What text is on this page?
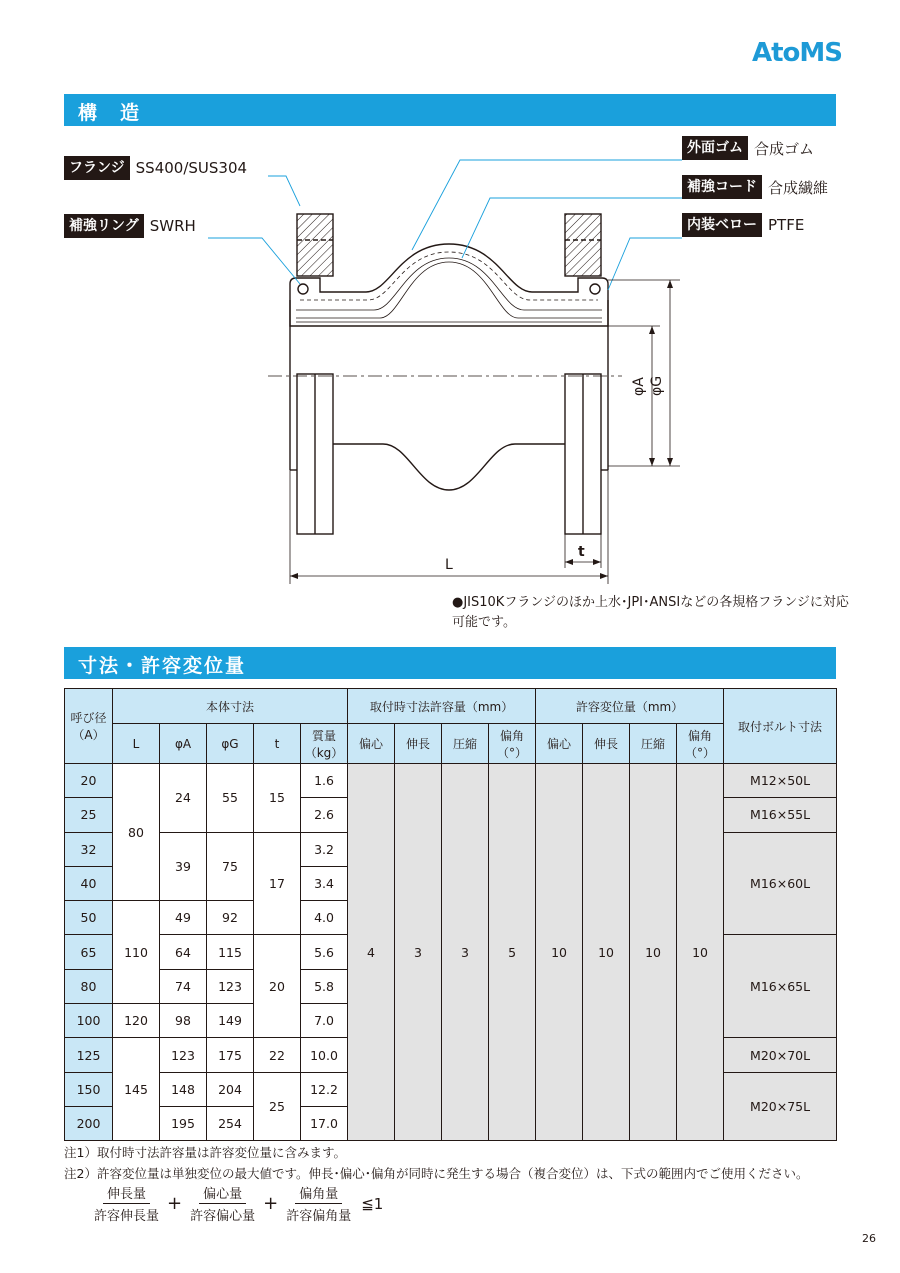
AtoMS
構　造
φA φG
L
t
フランジ SS400/SUS304
補強リング SWRH
外面ゴム 合成ゴム
補強コード 合成繊維
内装ベロー PTFE
●JIS10Kフランジのほか上水･JPI･ANSIなどの各規格フランジに対応可能です。
寸法・許容変位量
呼び径（A）	本体寸法					取付時寸法許容量（mm）				許容変位量（mm）				取付ボルト寸法
	L	φA	φG	t	質量（kg）	偏心	伸長	圧縮	偏角（°）	偏心	伸長	圧縮	偏角（°）	
20	80	24	55	15	1.6	4	3	3	5	10	10	10	10	M12×50L
25					2.6									M16×55L
32		39	75	17	3.2									M16×60L
40					3.4									
50	110	49	92		4.0									
65		64	115	20	5.6									M16×65L
80		74	123		5.8									
100	120	98	149		7.0									
125	145	123	175	22	10.0									M20×70L
150		148	204	25	12.2									M20×75L
200		195	254		17.0									
注1）取付時寸法許容量は許容変位量に含みます。
注2）許容変位量は単独変位の最大値です。伸長･偏心･偏角が同時に発生する場合（複合変位）は、下式の範囲内でご使用ください。
$\frac{\text{伸長量}}{\text{許容伸長量}} + \frac{\text{偏心量}}{\text{許容偏心量}} + \frac{\text{偏角量}}{\text{許容偏角量}}$ ≦1
26
